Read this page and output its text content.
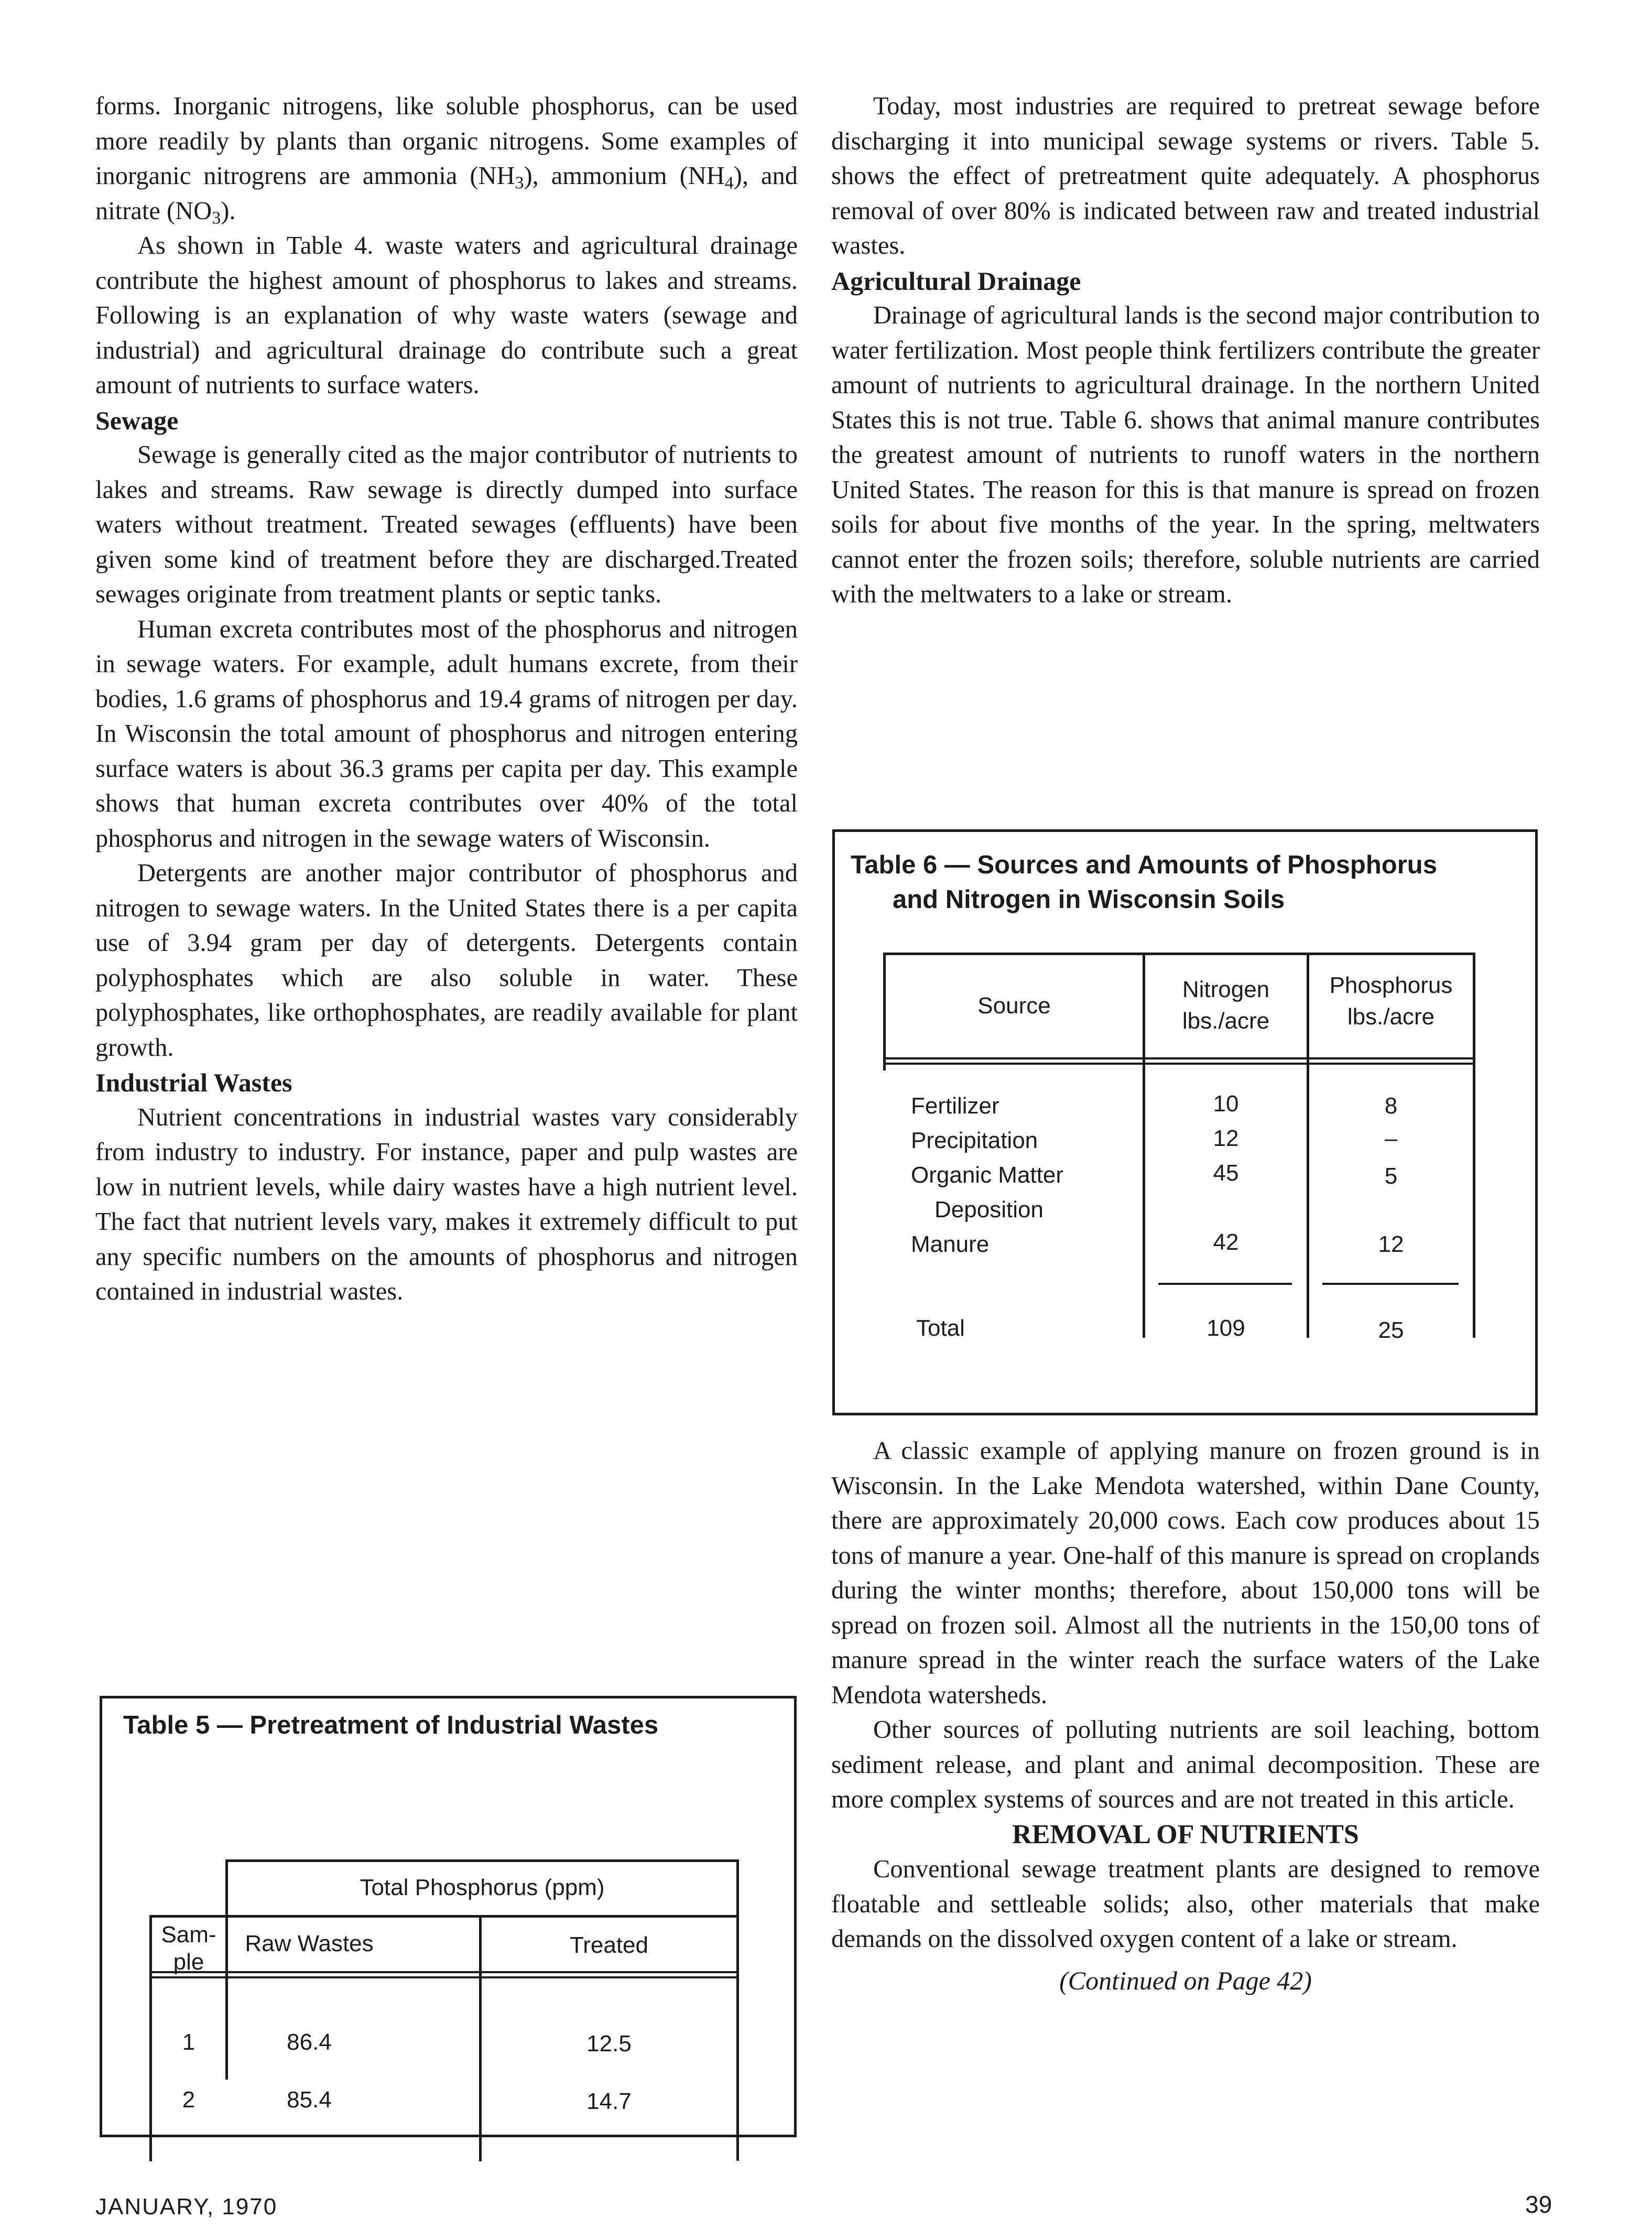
forms. Inorganic nitrogens, like soluble phosphorus, can be used more readily by plants than organic nitrogens. Some examples of inorganic nitrogrens are ammonia $(NH_3)$, ammonium $(NH_4)$, and nitrate $(NO_3)$.

As shown in Table 4. waste waters and agricultural drainage contribute the highest amount of phosphorus to lakes and streams. Following is an explanation of why waste waters (sewage and industrial) and agricultural drainage do contribute such a great amount of nutrients to surface waters.

Sewage

Sewage is generally cited as the major contributor of nutrients to lakes and streams. Raw sewage is directly dumped into surface waters without treatment. Treated sewages (effluents) have been given some kind of treatment before they are discharged.Treated sewages originate from treatment plants or septic tanks.

Human excreta contributes most of the phosphorus and nitrogen in sewage waters. For example, adult humans excrete, from their bodies, 1.6 grams of phosphorus and 19.4 grams of nitrogen per day. In Wisconsin the total amount of phosphorus and nitrogen entering surface waters is about 36.3 grams per capita per day. This example shows that human excreta contributes over 40% of the total phosphorus and nitrogen in the sewage waters of Wisconsin.

Detergents are another major contributor of phosphorus and nitrogen to sewage waters. In the United States there is a per capita use of 3.94 gram per day of detergents. Detergents contain polyphosphates which are also soluble in water. These polyphosphates, like orthophosphates, are readily available for plant growth.

Industrial Wastes

Nutrient concentrations in industrial wastes vary considerably from industry to industry. For instance, paper and pulp wastes are low in nutrient levels, while dairy wastes have a high nutrient level. The fact that nutrient levels vary, makes it extremely difficult to put any specific numbers on the amounts of phosphorus and nitrogen contained in industrial wastes.

Today, most industries are required to pretreat sewage before discharging it into municipal sewage systems or rivers. Table 5. shows the effect of pretreatment quite adequately. A phosphorus removal of over 80% is indicated between raw and treated industrial wastes.

Agricultural Drainage

Drainage of agricultural lands is the second major contribution to water fertilization. Most people think fertilizers contribute the greater amount of nutrients to agricultural drainage. In the northern United States this is not true. Table 6. shows that animal manure contributes the greatest amount of nutrients to runoff waters in the northern United States. The reason for this is that manure is spread on frozen soils for about five months of the year. In the spring, meltwaters cannot enter the frozen soils; therefore, soluble nutrients are carried with the meltwaters to a lake or stream.

A classic example of applying manure on frozen ground is in Wisconsin. In the Lake Mendota watershed, within Dane County, there are approximately 20,000 cows. Each cow produces about 15 tons of manure a year. One-half of this manure is spread on croplands during the winter months; therefore, about 150,000 tons will be spread on frozen soil. Almost all the nutrients in the 150,00 tons of manure spread in the winter reach the surface waters of the Lake Mendota watersheds.

Other sources of polluting nutrients are soil leaching, bottom sediment release, and plant and animal decomposition. These are more complex systems of sources and are not treated in this article.

REMOVAL OF NUTRIENTS

Conventional sewage treatment plants are designed to remove floatable and settleable solids; also, other materials that make demands on the dissolved oxygen content of a lake or stream.

(Continued on Page 42)

Table 5 — Pretreatment of Industrial Wastes
Total Phosphorus (ppm)
Sam-
ple
Raw Wastes	Treated
1	86.4	12.5
2	85.4	14.7
Table 6 — Sources and Amounts of Phosphorus
and Nitrogen in Wisconsin Soils
Source
Nitrogen
lbs./acre
Phosphorus
lbs./acre
Fertilizer	10	8
Precipitation	12	–
Organic Matter	45	5
Deposition
Manure	42	12
Total	109	25
JANUARY, 1970	39
